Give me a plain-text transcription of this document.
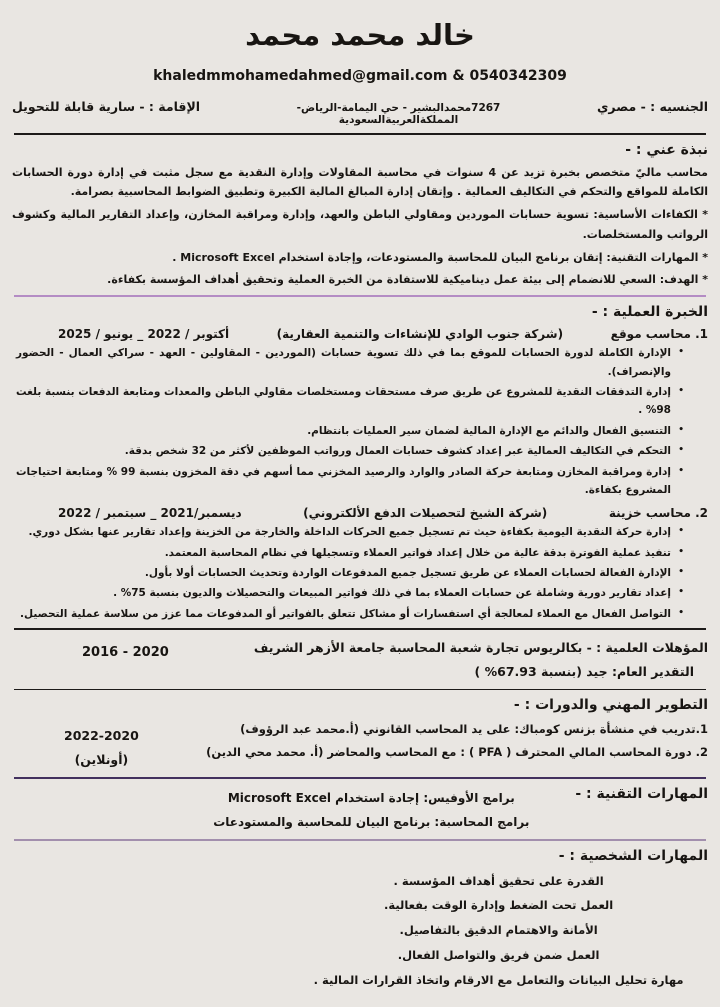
خالد محمد محمد
khaledmmohamedahmed@gmail.com & 0540342309
الجنسيه : - مصري
7267محمدالبشير - حي اليمامة-الرياض-المملكةالعربيةالسعودية
الإقامة : - سارية قابلة للتحويل
نبذة عني : -

محاسب ماليّ متخصص بخبرة تزيد عن 4 سنوات في محاسبة المقاولات وإدارة النقدية مع سجل مثبت في إدارة دورة الحسابات الكاملة للمواقع والتحكم في التكاليف العمالية . وإتقان إدارة المبالغ المالية الكبيرة وتطبيق الضوابط المحاسبية بصرامة.

* الكفاءات الأساسية: تسوية حسابات الموردين ومقاولي الباطن والعهد، وإدارة ومراقبة المخازن، وإعداد التقارير المالية وكشوف الرواتب والمستخلصات.

* المهارات التقنية: إتقان برنامج البيان للمحاسبة والمستودعات، وإجادة استخدام Microsoft Excel .

* الهدف: السعي للانضمام إلى بيئة عمل ديناميكية للاستفادة من الخبرة العملية وتحقيق أهداف المؤسسة بكفاءة.

الخبرة العملية : -
1. محاسب موقع
(شركة جنوب الوادي للإنشاءات والتنمية العقارية)
أكتوبر / 2022 _ يونيو / 2025
• الإدارة الكاملة لدورة الحسابات للموقع بما في ذلك تسوية حسابات (الموردين - المقاولين - العهد - سراكي العمال - الحضور والإنصراف).
• إدارة التدفقات النقدية للمشروع عن طريق صرف مستحقات ومستخلصات مقاولي الباطن والمعدات ومتابعة الدفعات بنسبة بلغت 98% .
• التنسيق الفعال والدائم مع الإدارة المالية لضمان سير العمليات بانتظام.
• التحكم في التكاليف العمالية عبر إعداد كشوف حسابات العمال ورواتب الموظفين لأكثر من 32 شخص بدقة.
• إدارة ومراقبة المخازن ومتابعة حركة الصادر والوارد والرصيد المخزني مما أسهم في دقة المخزون بنسبة 99 % ومتابعة احتياجات المشروع بكفاءة.
2. محاسب خزينة
(شركة الشيخ لتحصيلات الدفع الألكتروني)
ديسمبر/2021 _ سبتمبر / 2022
• إدارة حركة النقدية اليومية بكفاءة حيث تم تسجيل جميع الحركات الداخلة والخارجة من الخزينة وإعداد تقارير عنها بشكل دوري.
• تنفيذ عملية الفوترة بدقة عالية من خلال إعداد فواتير العملاء وتسجيلها في نظام المحاسبة المعتمد.
• الإدارة الفعالة لحسابات العملاء عن طريق تسجيل جميع المدفوعات الواردة وتحديث الحسابات أولا بأول.
• إعداد تقارير دورية وشاملة عن حسابات العملاء بما في ذلك فواتير المبيعات والتحصيلات والديون بنسبة 75% .
• التواصل الفعال مع العملاء لمعالجة أي استفسارات أو مشاكل تتعلق بالفواتير أو المدفوعات مما عزز من سلاسة عملية التحصيل.
المؤهلات العلمية : - بكالريوس تجارة شعبة المحاسبة جامعة الأزهر الشريف
التقدير العام: جيد (بنسبة 67.93% )
2016 - 2020
التطوير المهني والدورات : -
1.تدريب في منشأة بزنس كومباك: على يد المحاسب القانوني (أ.محمد عبد الرؤوف)
2. دورة المحاسب المالي المحترف ( PFA ) : مع المحاسب والمحاضر (أ. محمد محي الدين)
2022-2020
(أونلاين)
المهارات التقنية : -
برامج الأوفيس: إجادة استخدام Microsoft Excel
برامج المحاسبة: برنامج البيان للمحاسبة والمستودعات
المهارات الشخصية : -
القدرة على تحقيق أهداف المؤسسة .
العمل تحت الضغط وإدارة الوقت بفعالية.
الأمانة والاهتمام الدقيق بالتفاصيل.
العمل ضمن فريق والتواصل الفعال.
مهارة تحليل البيانات والتعامل مع الارقام واتخاذ القرارات المالية .
